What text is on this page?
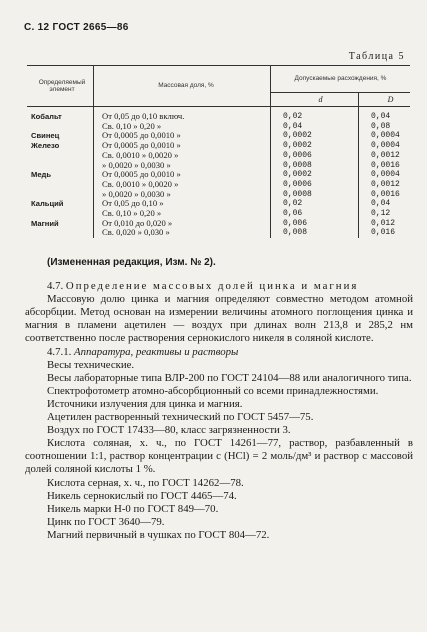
С. 12 ГОСТ 2665—86
Таблица 5
Определяемый элемент	Массовая доля, %	Допускаемые расхождения, %	
		d	D
Кобальт	От 0,05 до 0,10 включ.	0,02	0,04
	Св. 0,10 » 0,20 »	0,04	0,08
Свинец	От 0,0005 до 0,0010 »	0,0002	0,0004
Железо	От 0,0005 до 0,0010 »	0,0002	0,0004
	Св. 0,0010 » 0,0020 »	0,0006	0,0012
	» 0,0020 » 0,0030 »	0,0008	0,0016
Медь	От 0,0005 до 0,0010 »	0,0002	0,0004
	Св. 0,0010 » 0,0020 »	0,0006	0,0012
	» 0,0020 » 0,0030 »	0,0008	0,0016
Кальций	От 0,05 до 0,10 »	0,02	0,04
	Св. 0,10 » 0,20 »	0,06	0,12
Магний	От 0,010 до 0,020 »	0,006	0,012
	Св. 0,020 » 0,030 »	0,008	0,016

(Измененная редакция, Изм. № 2).

4.7. Определение массовых долей цинка и магния

Массовую долю цинка и магния определяют совместно методом атомной абсорбции. Метод основан на измерении величины атомного поглощения цинка и магния в пламени ацетилен — воздух при длинах волн 213,8 и 285,2 нм соответственно после растворения сернокислого никеля в соляной кислоте.

4.7.1. Аппаратура, реактивы и растворы

Весы технические.

Весы лабораторные типа ВЛР-200 по ГОСТ 24104—88 или аналогичного типа.

Спектрофотометр атомно-абсорбционный со всеми принадлежностями.

Источники излучения для цинка и магния.

Ацетилен растворенный технический по ГОСТ 5457—75.

Воздух по ГОСТ 17433—80, класс загрязненности 3.

Кислота соляная, х. ч., по ГОСТ 14261—77, раствор, разбавленный в соотношении 1:1, раствор концентрации с (HCl) = 2 моль/дм³ и раствор с массовой долей соляной кислоты 1 %.

Кислота серная, х. ч., по ГОСТ 14262—78.

Никель сернокислый по ГОСТ 4465—74.

Никель марки Н-0 по ГОСТ 849—70.

Цинк по ГОСТ 3640—79.

Магний первичный в чушках по ГОСТ 804—72.
